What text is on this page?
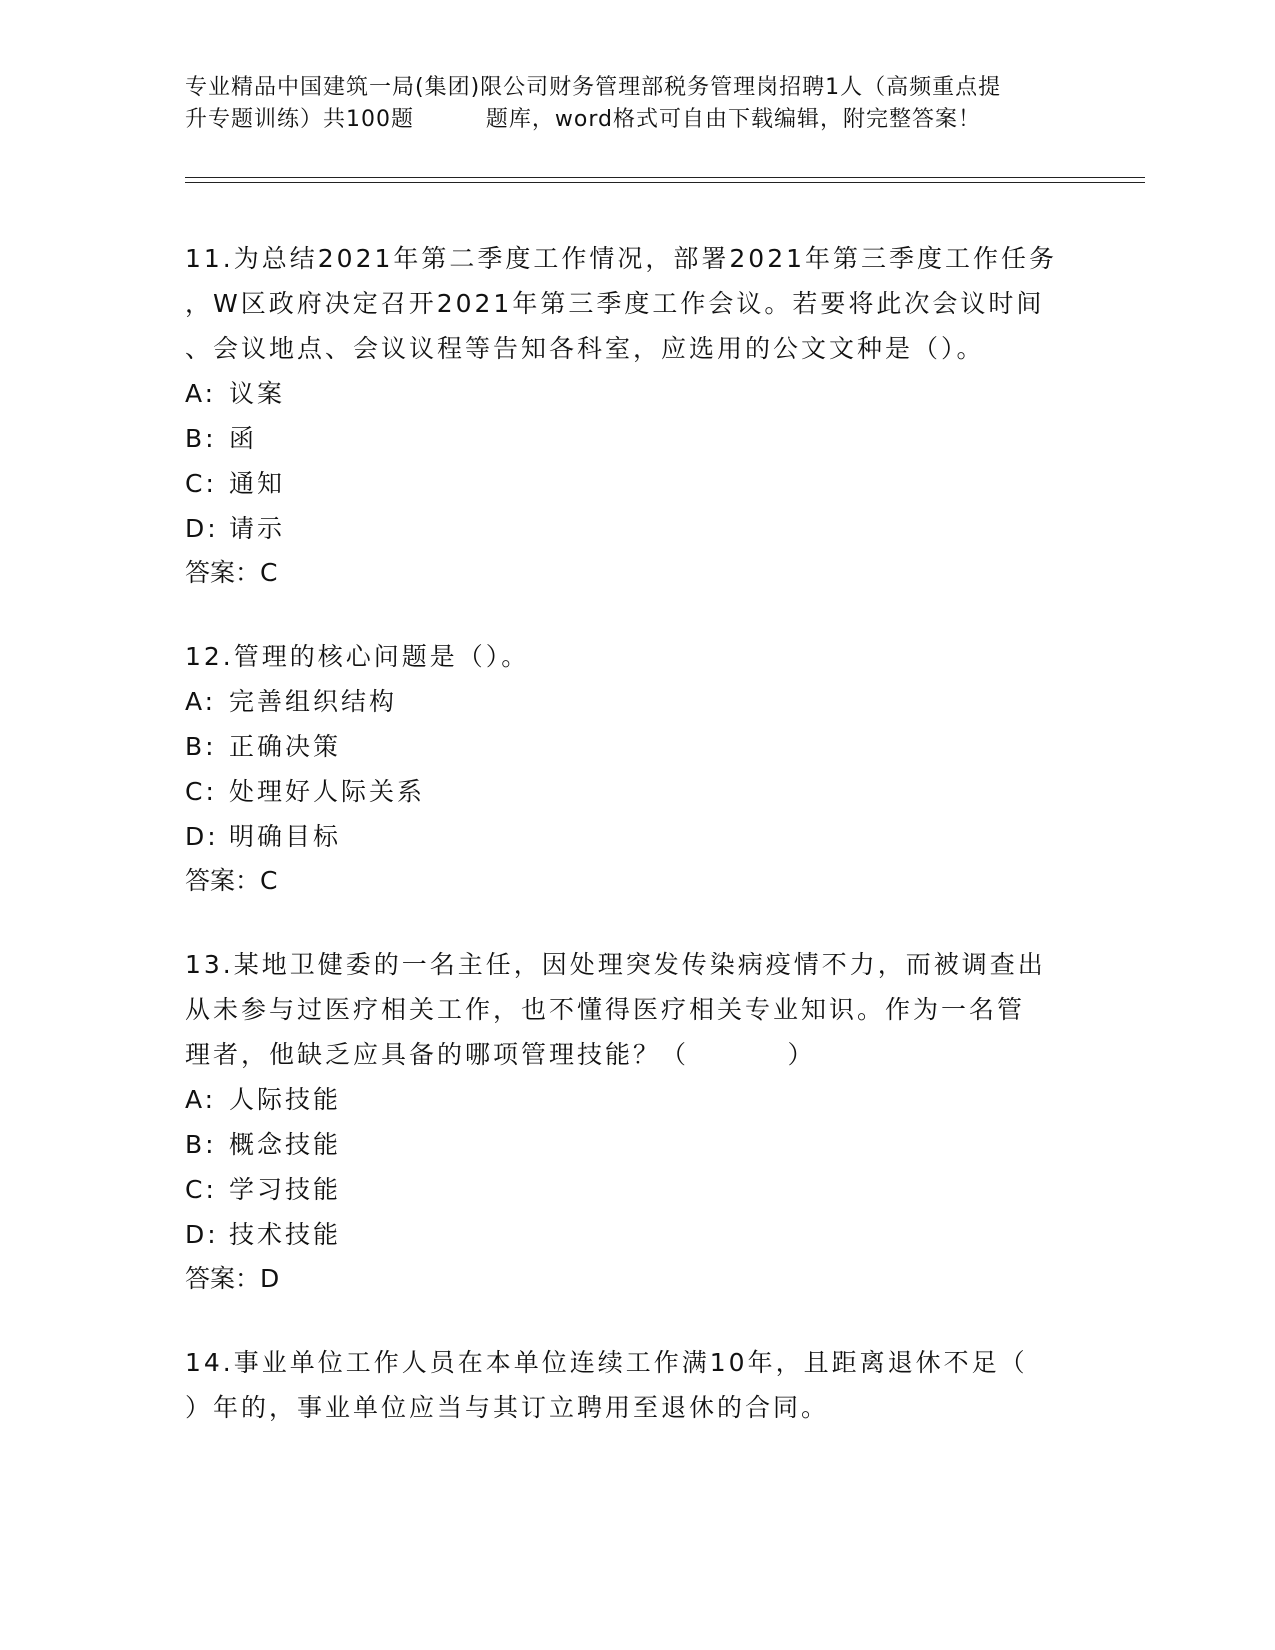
专业精品中国建筑一局(集团)限公司财务管理部税务管理岗招聘1人（高频重点提
升专题训练）共100题         题库，word格式可自由下载编辑，附完整答案！
11.为总结2021年第二季度工作情况，部署2021年第三季度工作任务
，W区政府决定召开2021年第三季度工作会议。若要将此次会议时间
、会议地点、会议议程等告知各科室，应选用的公文文种是（）。
A: 议案
B: 函
C: 通知
D: 请示
答案：C
12.管理的核心问题是（）。
A: 完善组织结构
B: 正确决策
C: 处理好人际关系
D: 明确目标
答案：C
13.某地卫健委的一名主任，因处理突发传染病疫情不力，而被调查出
从未参与过医疗相关工作，也不懂得医疗相关专业知识。作为一名管
理者，他缺乏应具备的哪项管理技能？（         ）
A: 人际技能
B: 概念技能
C: 学习技能
D: 技术技能
答案：D
14.事业单位工作人员在本单位连续工作满10年，且距离退休不足（
）年的，事业单位应当与其订立聘用至退休的合同。
